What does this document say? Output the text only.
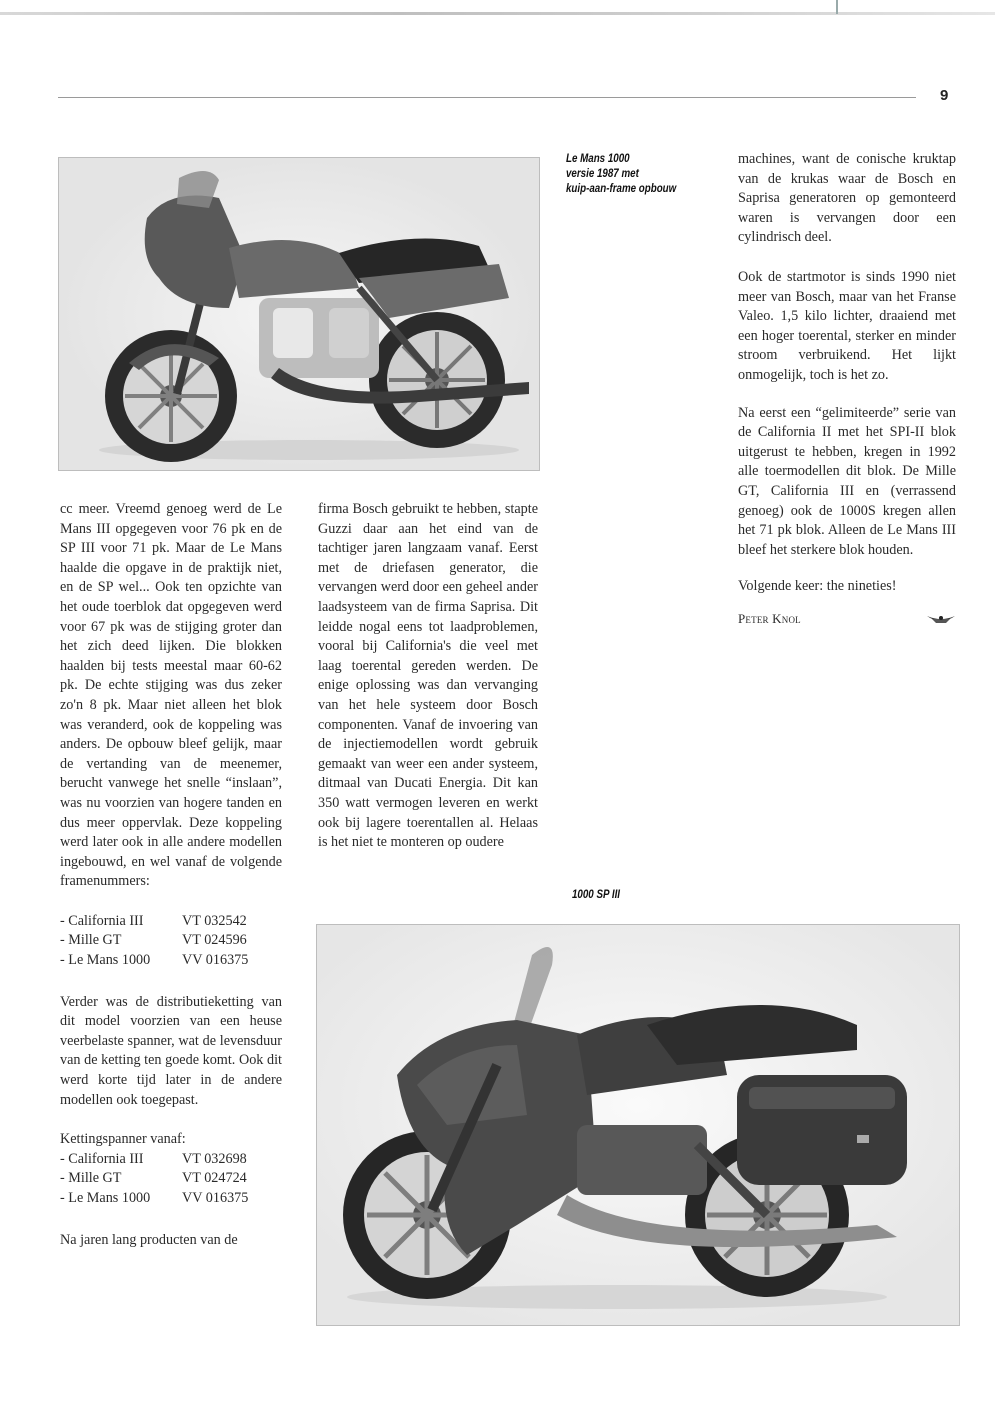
9
Le Mans 1000
versie 1987 met
kuip-aan-frame opbouw

machines, want de conische kruktap van de krukas waar de Bosch en Saprisa generatoren op gemonteerd waren is vervangen door een cylindrisch deel.

Ook de startmotor is sinds 1990 niet meer van Bosch, maar van het Franse Valeo. 1,5 kilo lichter, draaiend met een hoger toerental, sterker en minder stroom verbruikend. Het lijkt onmogelijk, toch is het zo.

Na eerst een “gelimiteerde” serie van de California II met het SPI-II blok uitgerust te hebben, kregen in 1992 alle toermodellen dit blok. De Mille GT, California III en (verrassend genoeg) ook de 1000S kregen allen het 71 pk blok. Alleen de Le Mans III bleef het sterkere blok houden.

Volgende keer: the nineties!

Peter Knol

cc meer. Vreemd genoeg werd de Le Mans III opgegeven voor 76 pk en de SP III voor 71 pk. Maar de Le Mans haalde die opgave in de praktijk niet, en de SP wel... Ook ten opzichte van het oude toerblok dat opgegeven werd voor 67 pk was de stijging groter dan het zich deed lijken. Die blokken haalden bij tests meestal maar 60-62 pk. De echte stijging was dus zeker zo'n 8 pk. Maar niet alleen het blok was veranderd, ook de koppeling was anders. De opbouw bleef gelijk, maar de vertanding van de meenemer, berucht vanwege het snelle “inslaan”, was nu voorzien van hogere tanden en dus meer oppervlak. Deze koppeling werd later ook in alle andere modellen ingebouwd, en wel vanaf de volgende framenummers:

- California III	VT 032542
- Mille GT	VT 024596
- Le Mans 1000	VV 016375

Verder was de distributieketting van dit model voorzien van een heuse veerbelaste spanner, wat de levensduur van de ketting ten goede komt. Ook dit werd korte tijd later in de andere modellen ook toegepast.

Kettingspanner vanaf:
- California III	VT 032698
- Mille GT	VT 024724
- Le Mans 1000	VV 016375

Na jaren lang producten van de

firma Bosch gebruikt te hebben, stapte Guzzi daar aan het eind van de tachtiger jaren langzaam vanaf. Eerst met de driefasen generator, die vervangen werd door een geheel ander laadsysteem van de firma Saprisa. Dit leidde nogal eens tot laadproblemen, vooral bij California's die veel met laag toerental gereden werden. De enige oplossing was dan vervanging van het hele systeem door Bosch componenten. Vanaf de invoering van de injectiemodellen wordt gebruik gemaakt van weer een ander systeem, ditmaal van Ducati Energia. Dit kan 350 watt vermogen leveren en werkt ook bij lagere toerentallen al. Helaas is het niet te monteren op oudere

1000 SP III
